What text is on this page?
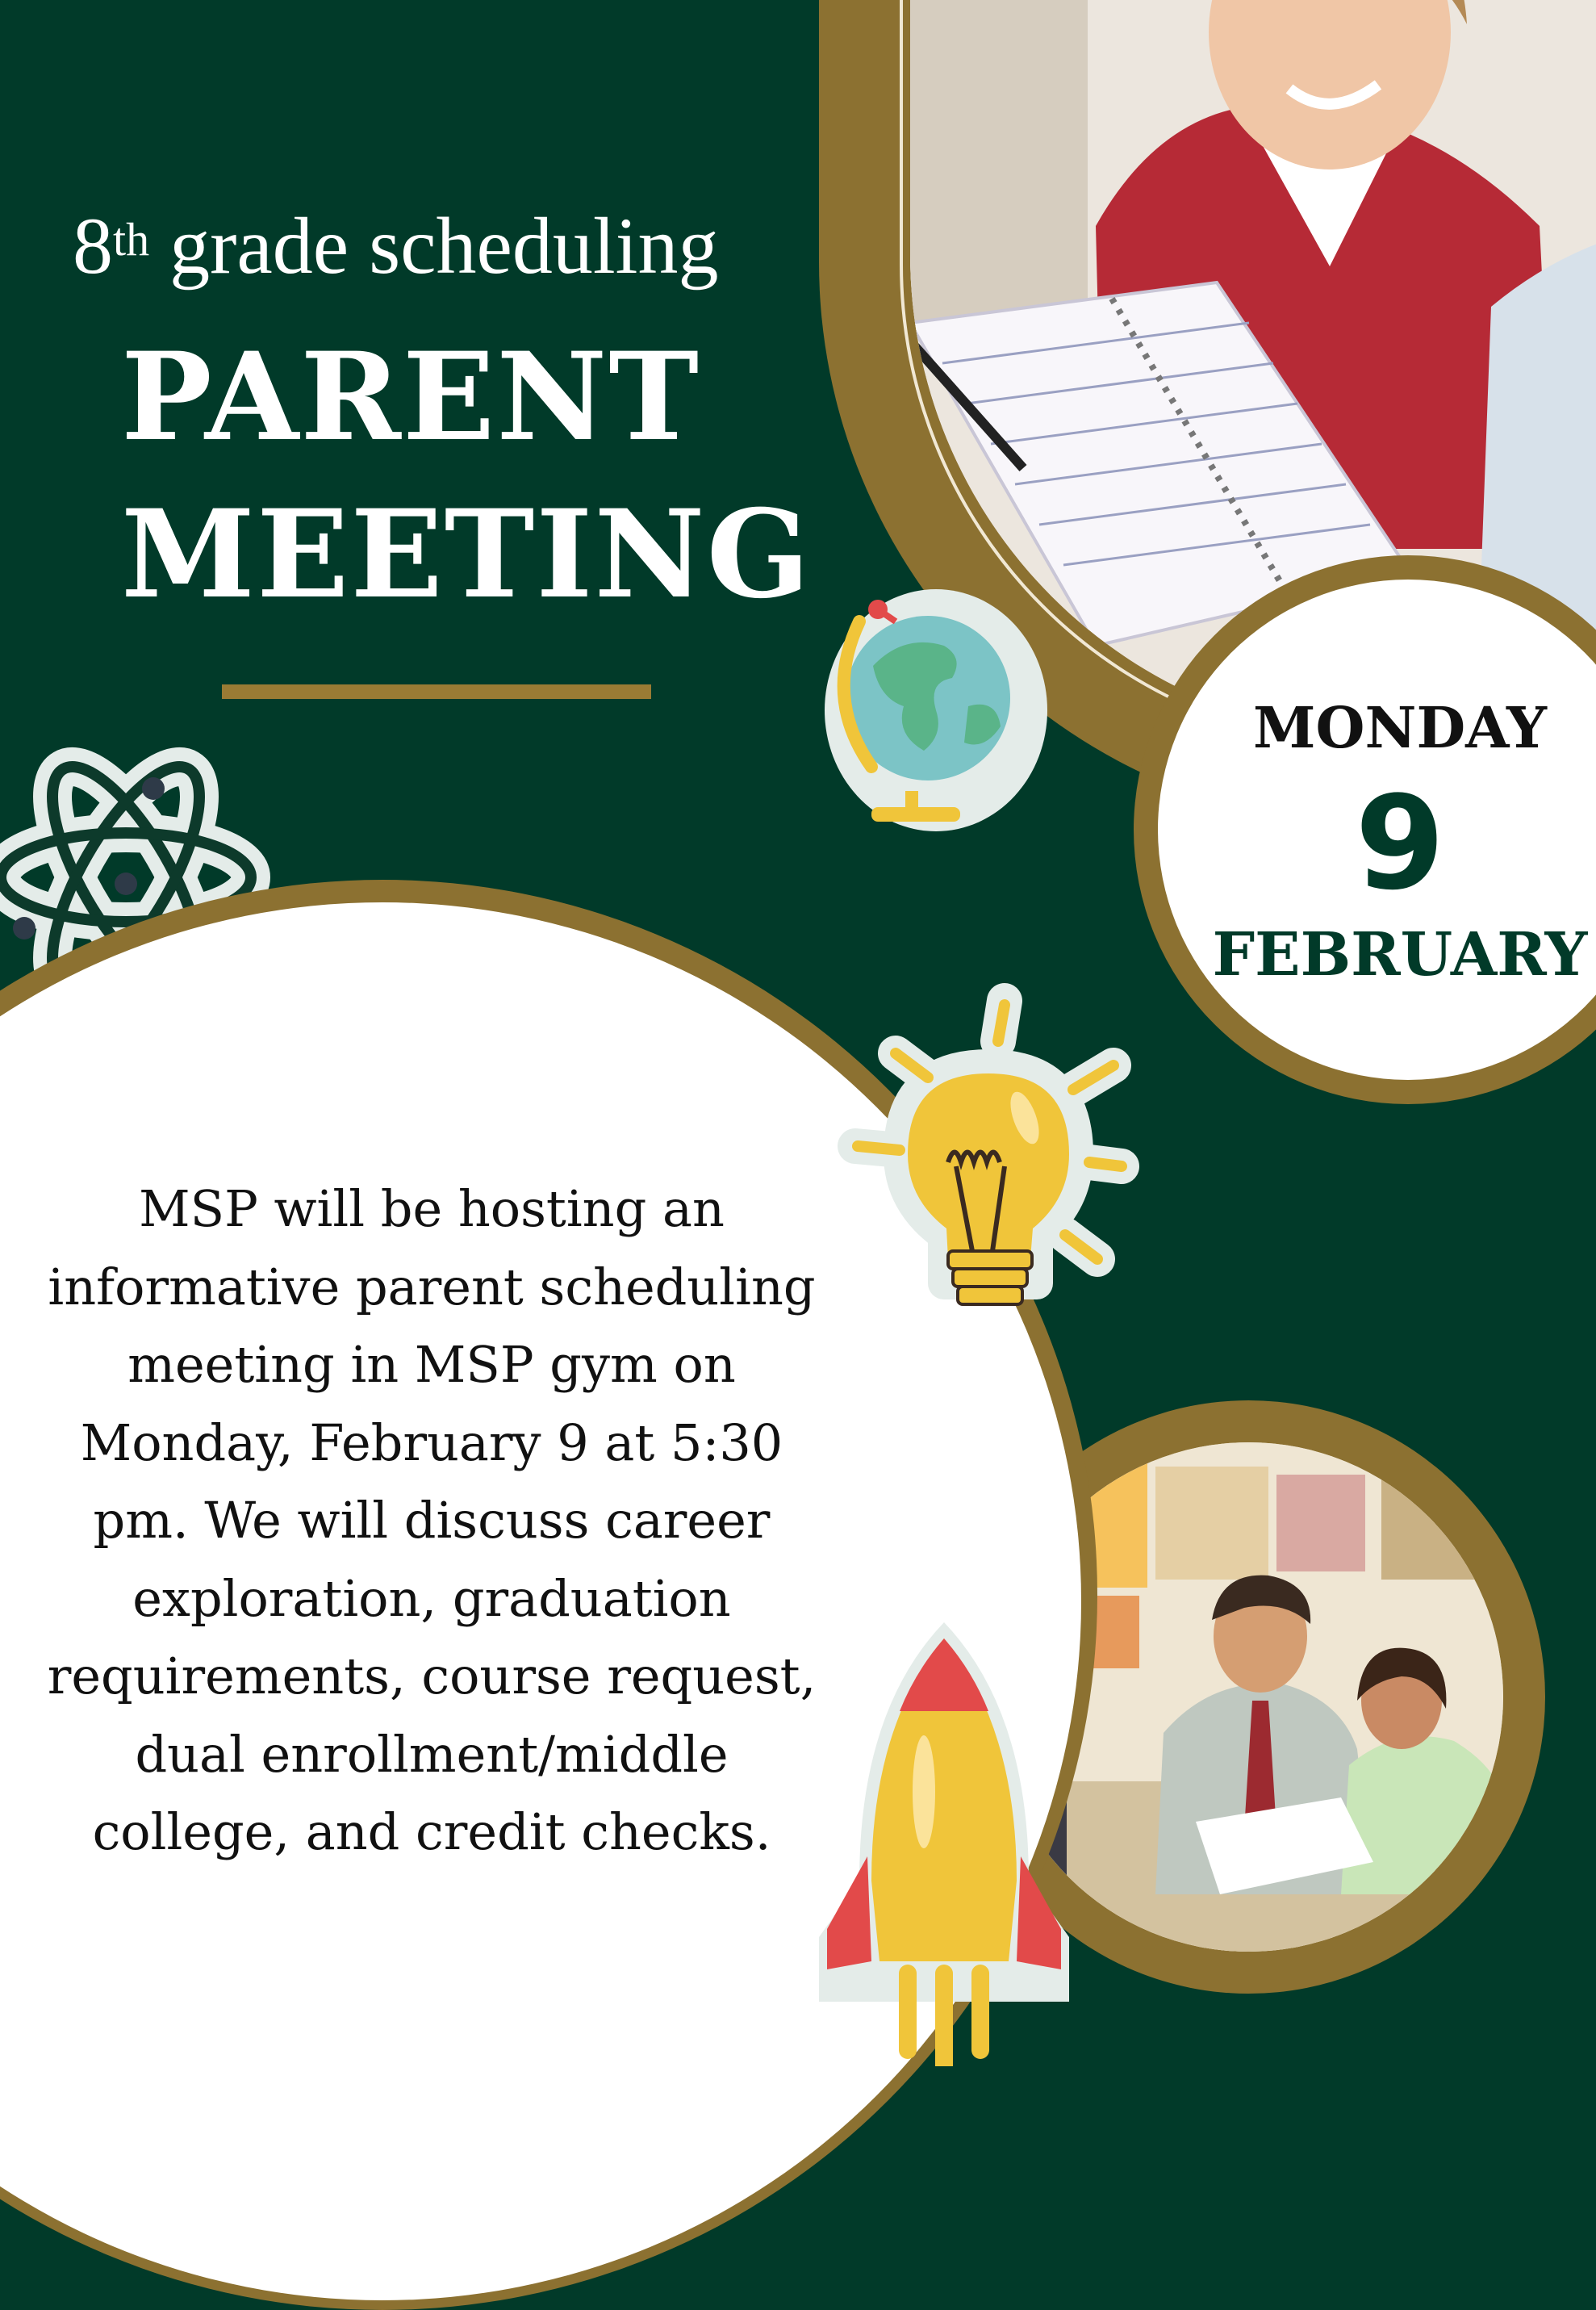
8th grade scheduling
PARENT
MEETING
MONDAY
9
FEBRUARY
MSP will be hosting an
informative parent scheduling
meeting in MSP gym on
Monday, February 9 at 5:30
pm. We will discuss career
exploration, graduation
requirements, course request,
dual enrollment/middle
college, and credit checks.
